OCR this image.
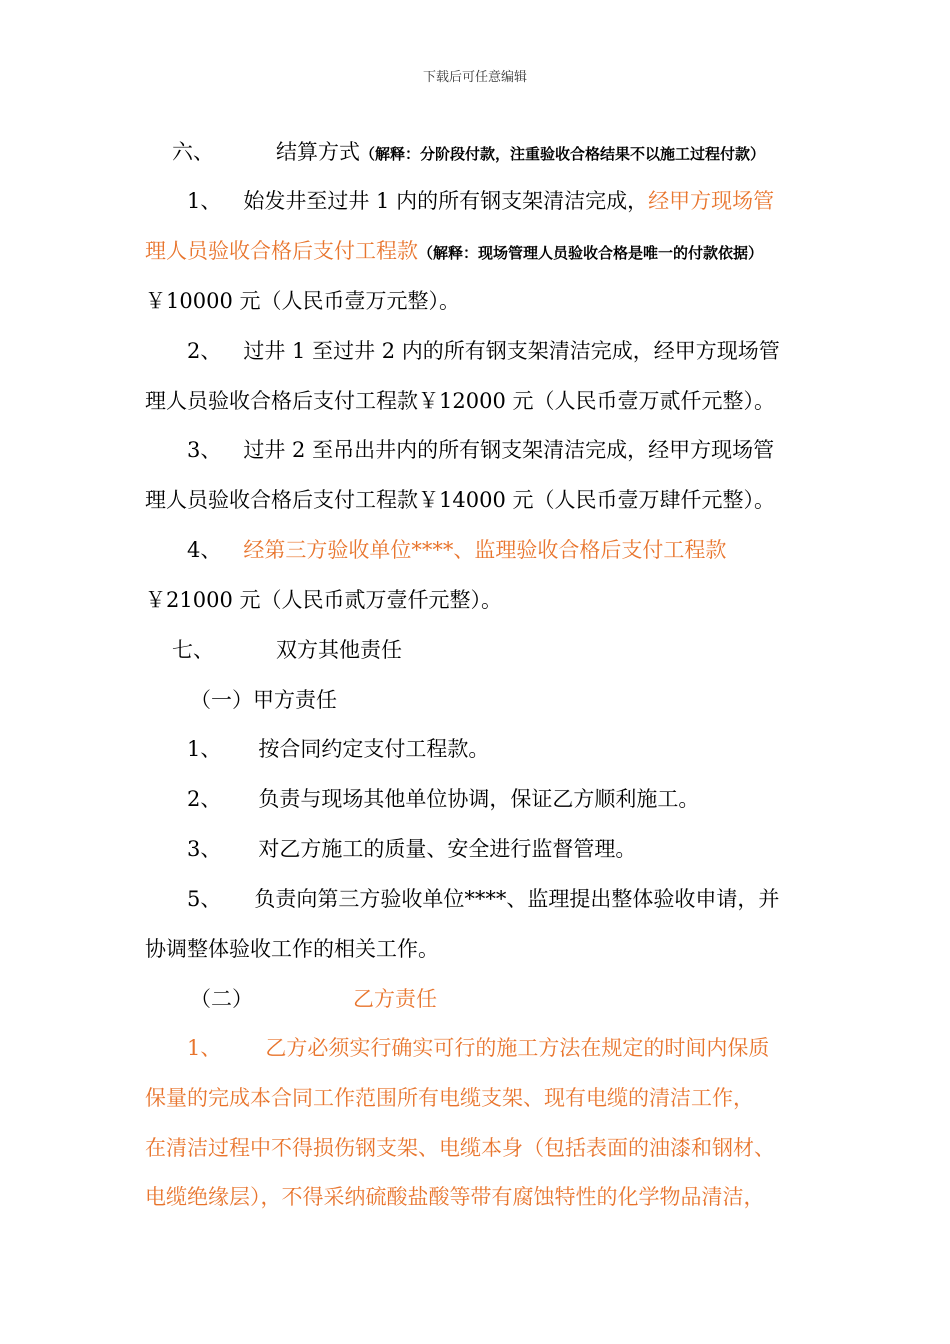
下载后可任意编辑
六、	结算方式（解释：分阶段付款，注重验收合格结果不以施工过程付款）
1、 始发井至过井 1 内的所有钢支架清洁完成，经甲方现场管
理人员验收合格后支付工程款（解释：现场管理人员验收合格是唯一的付款依据）
￥10000 元（人民币壹万元整）。
2、 过井 1 至过井 2 内的所有钢支架清洁完成，经甲方现场管
理人员验收合格后支付工程款￥12000 元（人民币壹万贰仟元整）。
3、 过井 2 至吊出井内的所有钢支架清洁完成，经甲方现场管
理人员验收合格后支付工程款￥14000 元（人民币壹万肆仟元整）。
4、 经第三方验收单位****、监理验收合格后支付工程款
￥21000 元（人民币贰万壹仟元整）。
七、	双方其他责任
（一）甲方责任
1、 按合同约定支付工程款。
2、 负责与现场其他单位协调，保证乙方顺利施工。
3、 对乙方施工的质量、安全进行监督管理。
5、 负责向第三方验收单位****、监理提出整体验收申请，并
协调整体验收工作的相关工作。
（二）	乙方责任
1、 乙方必须实行确实可行的施工方法在规定的时间内保质
保量的完成本合同工作范围所有电缆支架、现有电缆的清洁工作，
在清洁过程中不得损伤钢支架、电缆本身（包括表面的油漆和钢材、
电缆绝缘层），不得采纳硫酸盐酸等带有腐蚀特性的化学物品清洁，
